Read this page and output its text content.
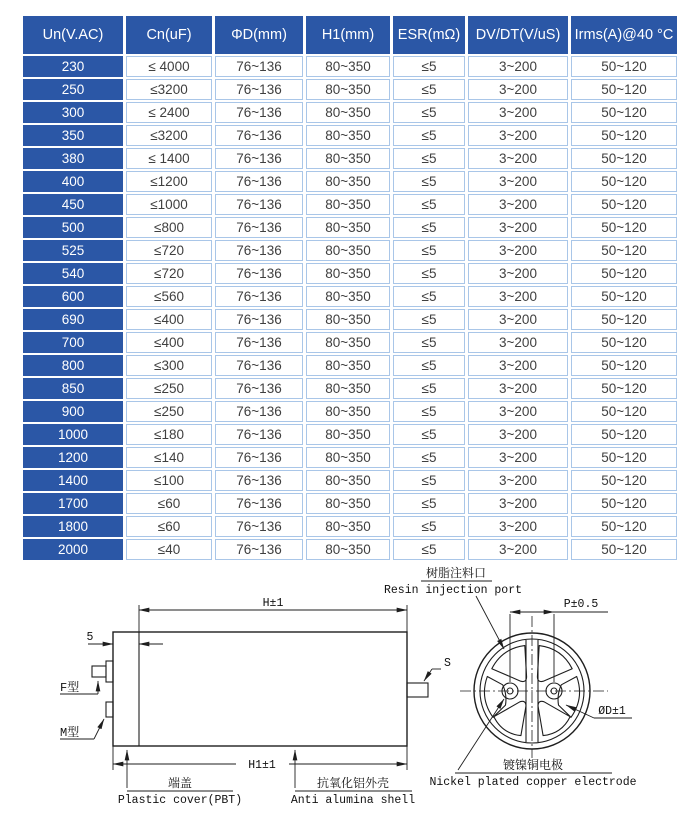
Un(V.AC)	Cn(uF)	ΦD(mm)	H1(mm)	ESR(mΩ)	DV/DT(V/uS)	Irms(A)@40 °C
230	≤ 4000	76~136	80~350	≤5	3~200	50~120
250	≤3200	76~136	80~350	≤5	3~200	50~120
300	≤ 2400	76~136	80~350	≤5	3~200	50~120
350	≤3200	76~136	80~350	≤5	3~200	50~120
380	≤ 1400	76~136	80~350	≤5	3~200	50~120
400	≤1200	76~136	80~350	≤5	3~200	50~120
450	≤1000	76~136	80~350	≤5	3~200	50~120
500	≤800	76~136	80~350	≤5	3~200	50~120
525	≤720	76~136	80~350	≤5	3~200	50~120
540	≤720	76~136	80~350	≤5	3~200	50~120
600	≤560	76~136	80~350	≤5	3~200	50~120
690	≤400	76~136	80~350	≤5	3~200	50~120
700	≤400	76~136	80~350	≤5	3~200	50~120
800	≤300	76~136	80~350	≤5	3~200	50~120
850	≤250	76~136	80~350	≤5	3~200	50~120
900	≤250	76~136	80~350	≤5	3~200	50~120
1000	≤180	76~136	80~350	≤5	3~200	50~120
1200	≤140	76~136	80~350	≤5	3~200	50~120
1400	≤100	76~136	80~350	≤5	3~200	50~120
1700	≤60	76~136	80~350	≤5	3~200	50~120
1800	≤60	76~136	80~350	≤5	3~200	50~120
2000	≤40	76~136	80~350	≤5	3~200	50~120
H±1
5
H1±1
F型
M型
S
端盖
Plastic cover(PBT)
抗氧化铝外壳
Anti alumina shell
P±0.5
树脂注料口
Resin injection port
ØD±1
镀镍铜电极
Nickel plated copper electrode
